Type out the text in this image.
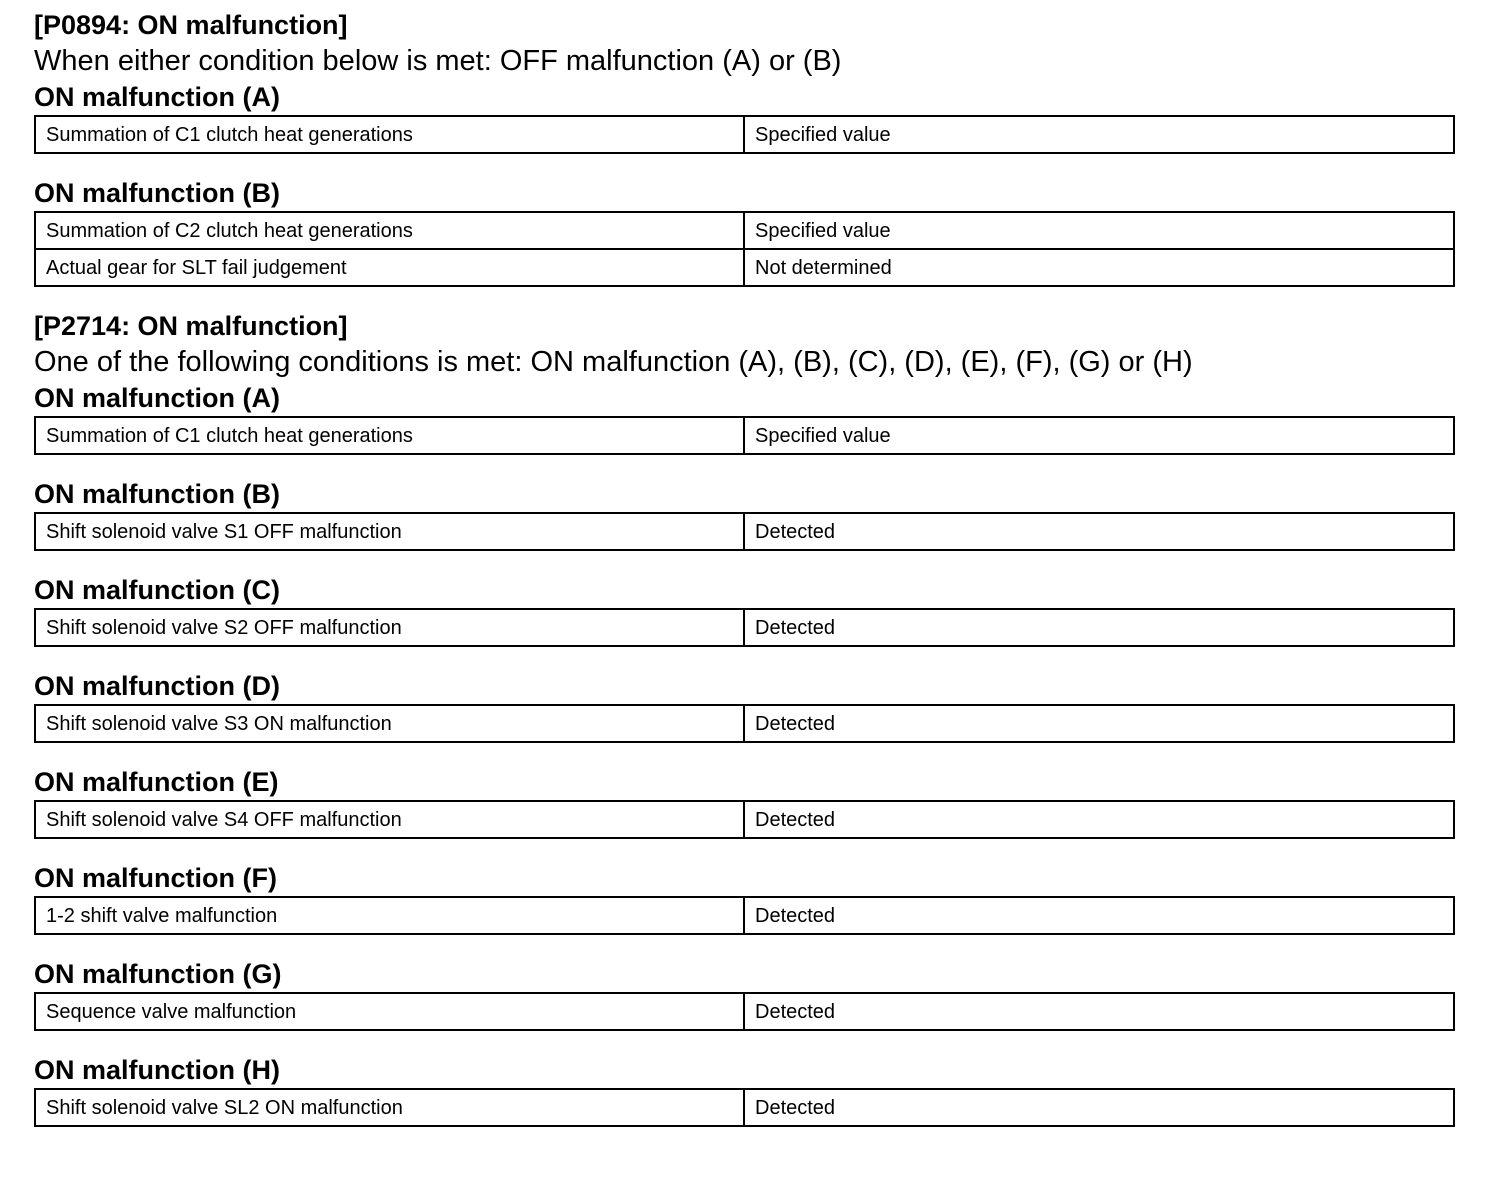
[P0894: ON malfunction]
When either condition below is met: OFF malfunction (A) or (B)
ON malfunction (A)
Summation of C1 clutch heat generations	Specified value
ON malfunction (B)
Summation of C2 clutch heat generations	Specified value
Actual gear for SLT fail judgement	Not determined
[P2714: ON malfunction]
One of the following conditions is met: ON malfunction (A), (B), (C), (D), (E), (F), (G) or (H)
ON malfunction (A)
Summation of C1 clutch heat generations	Specified value
ON malfunction (B)
Shift solenoid valve S1 OFF malfunction	Detected
ON malfunction (C)
Shift solenoid valve S2 OFF malfunction	Detected
ON malfunction (D)
Shift solenoid valve S3 ON malfunction	Detected
ON malfunction (E)
Shift solenoid valve S4 OFF malfunction	Detected
ON malfunction (F)
1-2 shift valve malfunction	Detected
ON malfunction (G)
Sequence valve malfunction	Detected
ON malfunction (H)
Shift solenoid valve SL2 ON malfunction	Detected
